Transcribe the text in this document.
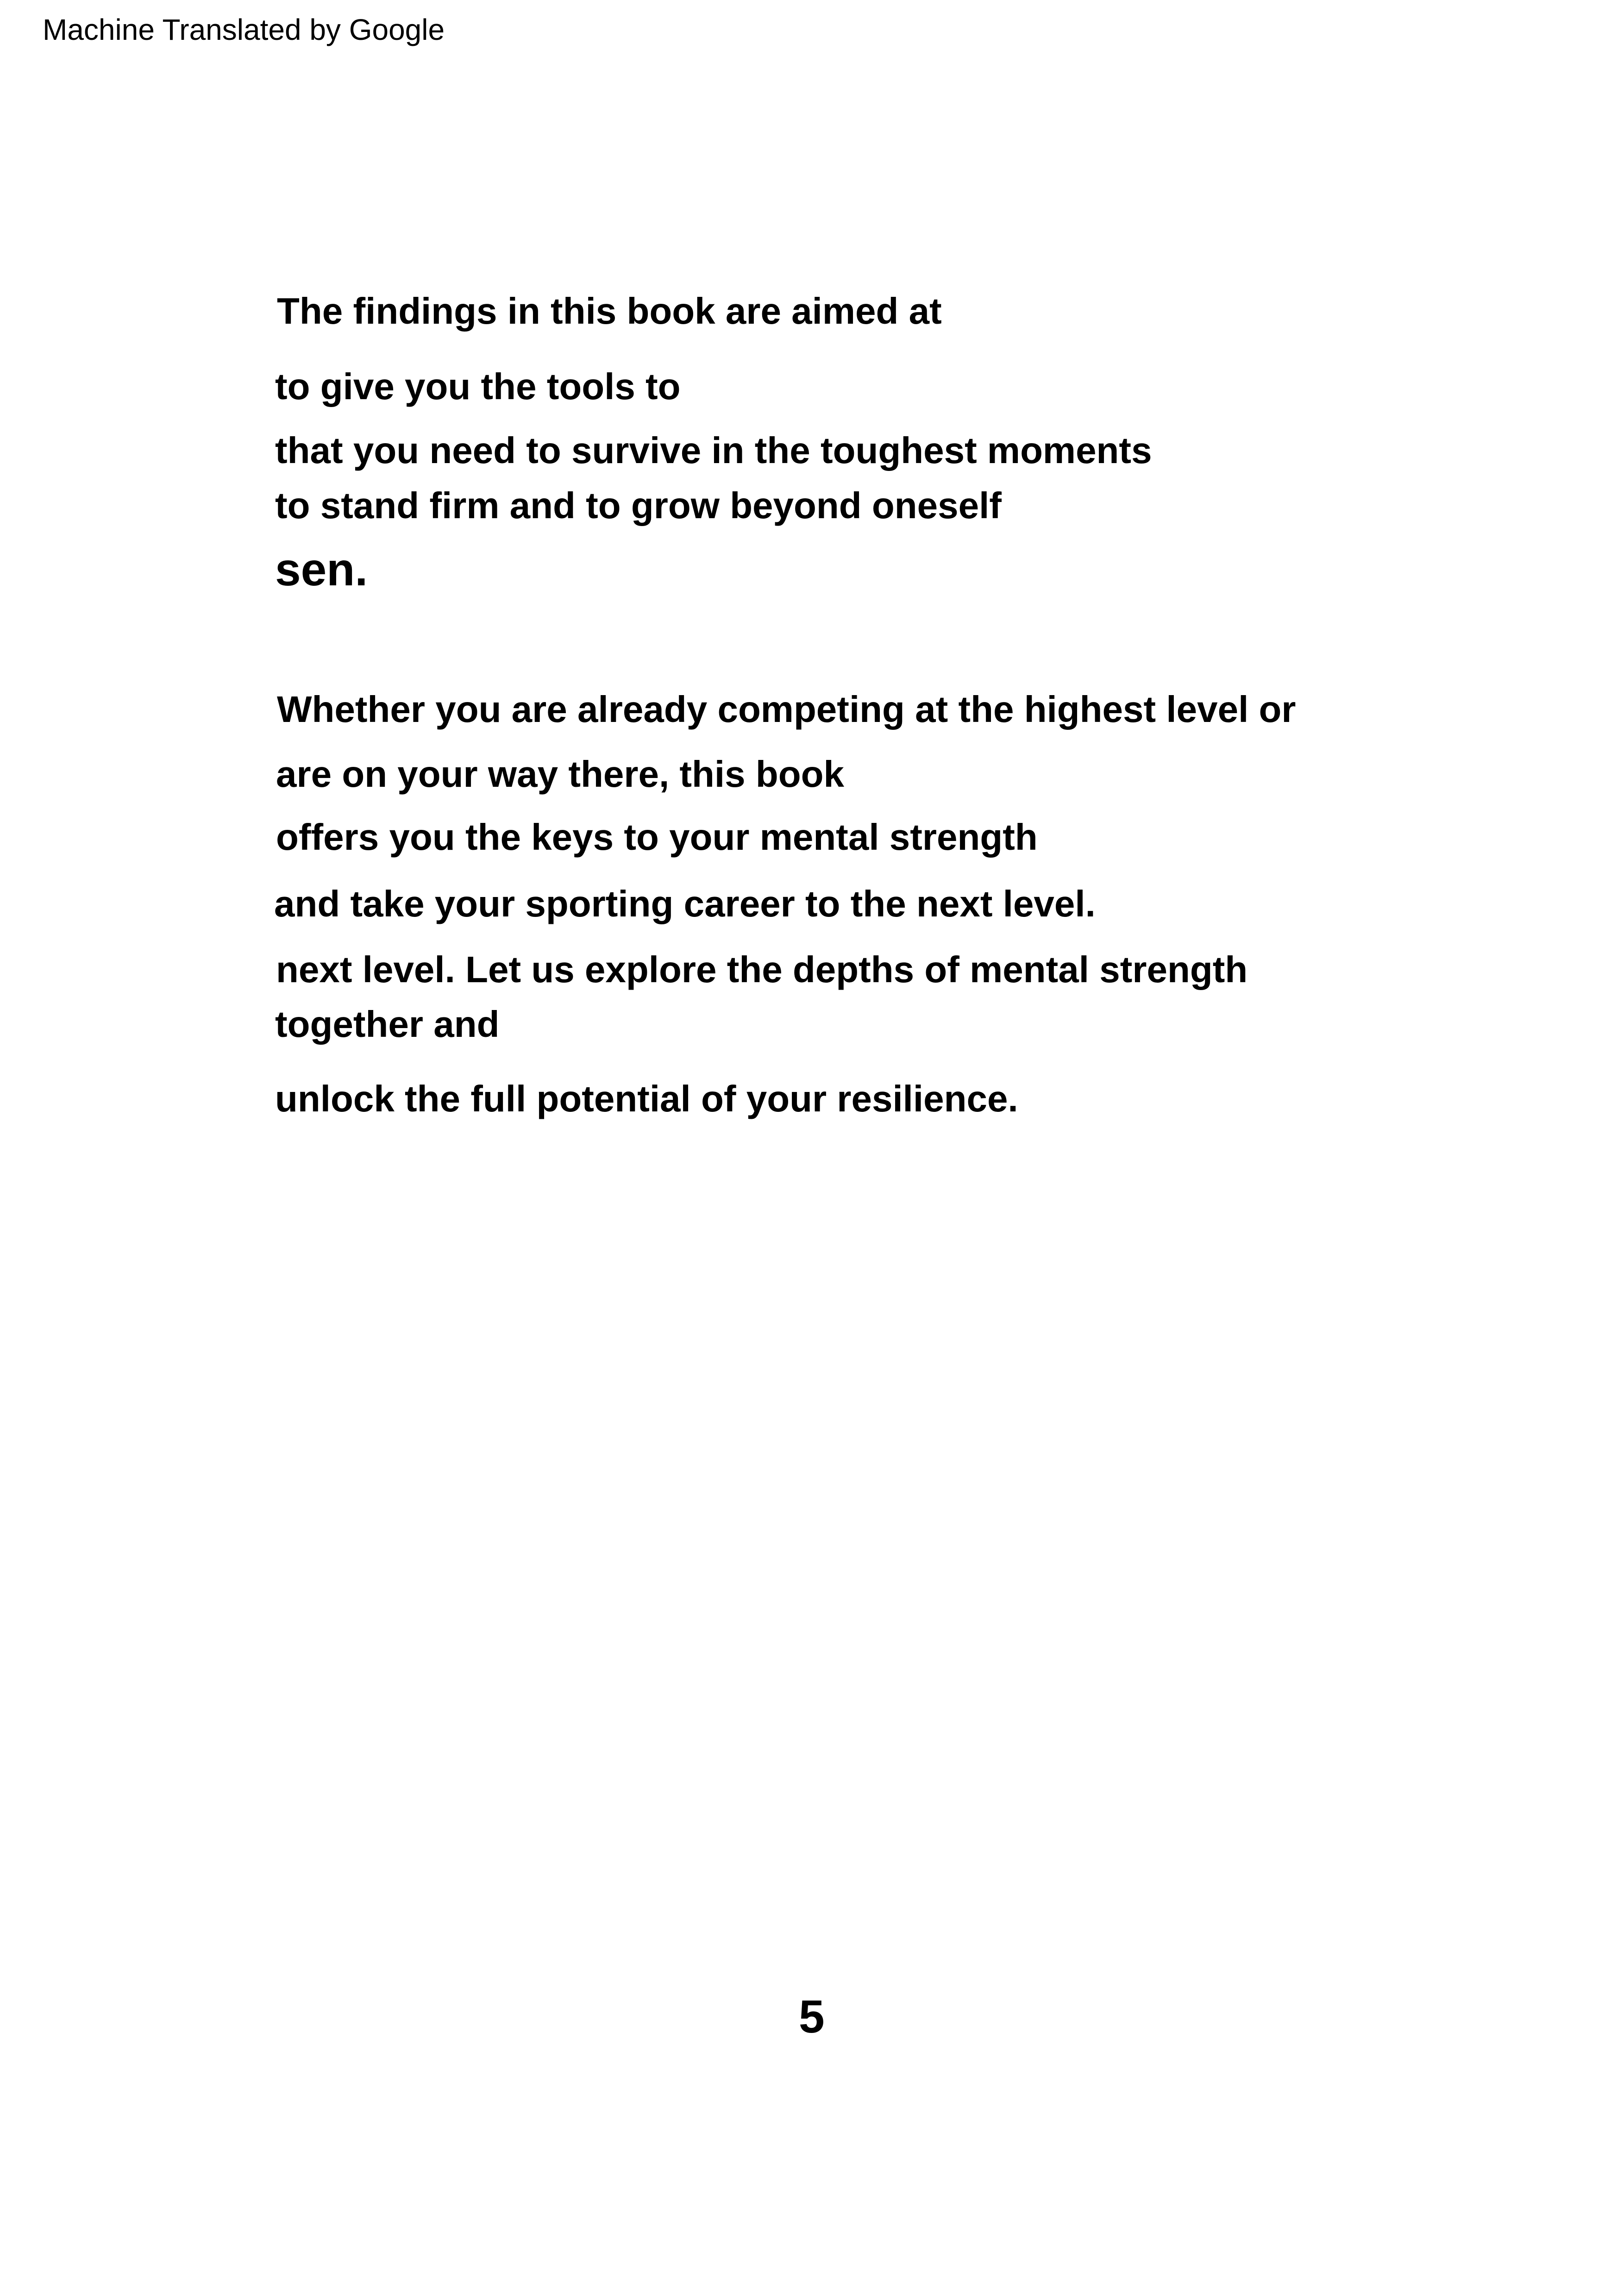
Machine Translated by Google
The findings in this book are aimed at
to give you the tools to
that you need to survive in the toughest moments
to stand firm and to grow beyond oneself
sen.
Whether you are already competing at the highest level or
are on your way there, this book
offers you the keys to your mental strength
and take your sporting career to the next level.
next level. Let us explore the depths of mental strength
together and
unlock the full potential of your resilience.
5
